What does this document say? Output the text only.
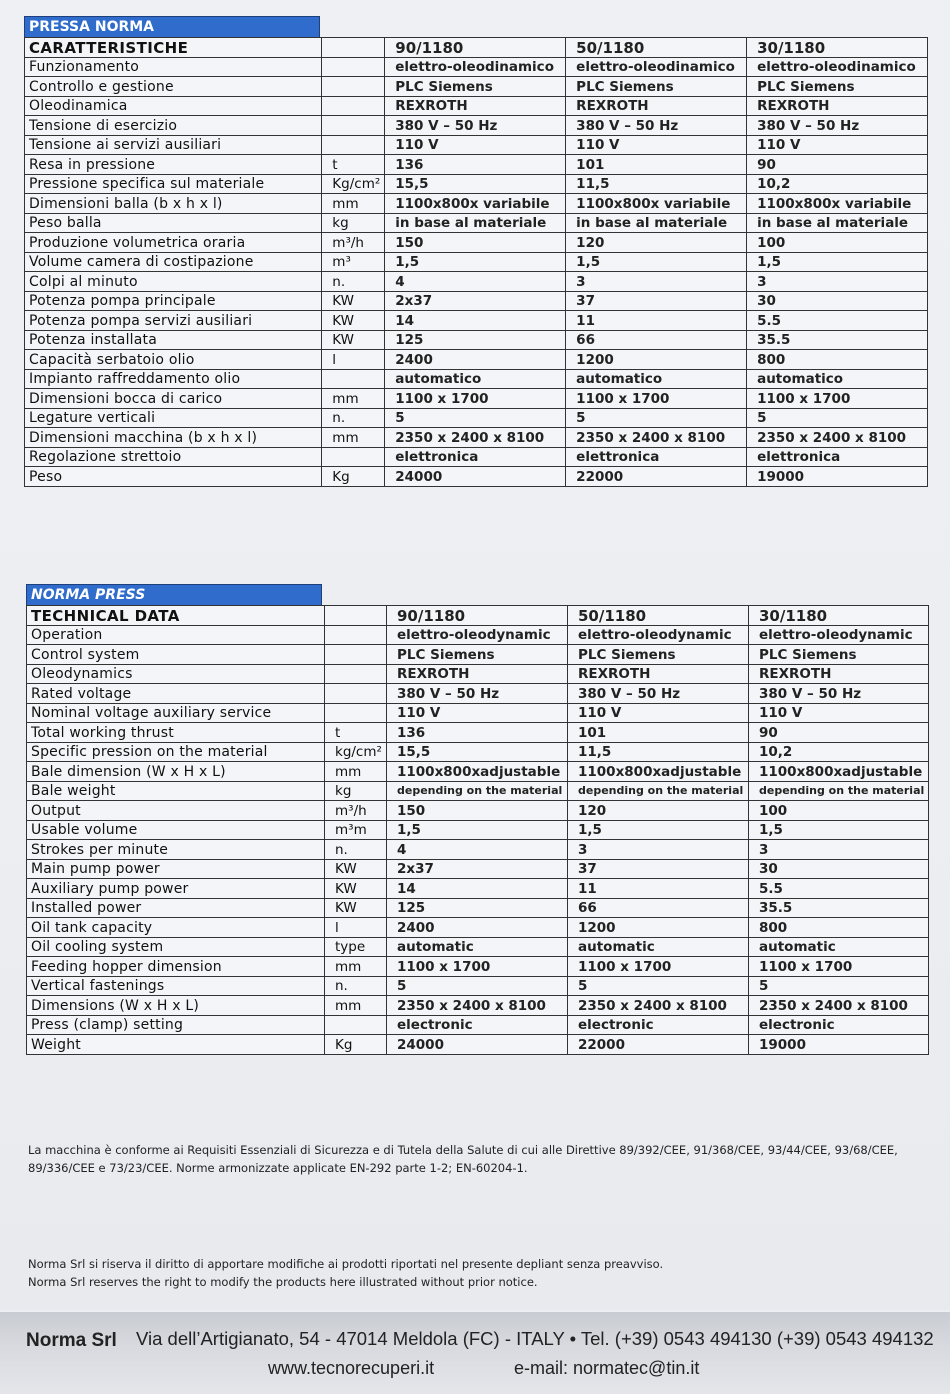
PRESSA NORMA
CARATTERISTICHE		90/1180	50/1180	30/1180
Funzionamento		elettro-oleodinamico	elettro-oleodinamico	elettro-oleodinamico
Controllo e gestione		PLC Siemens	PLC Siemens	PLC Siemens
Oleodinamica		REXROTH	REXROTH	REXROTH
Tensione di esercizio		380 V – 50 Hz	380 V – 50 Hz	380 V – 50 Hz
Tensione ai servizi ausiliari		110 V	110 V	110 V
Resa in pressione	t	136	101	90
Pressione specifica sul materiale	Kg/cm²	15,5	11,5	10,2
Dimensioni balla (b x h x l)	mm	1100x800x variabile	1100x800x variabile	1100x800x variabile
Peso balla	kg	in base al materiale	in base al materiale	in base al materiale
Produzione volumetrica oraria	m³/h	150	120	100
Volume camera di costipazione	m³	1,5	1,5	1,5
Colpi al minuto	n.	4	3	3
Potenza pompa principale	KW	2x37	37	30
Potenza pompa servizi ausiliari	KW	14	11	5.5
Potenza installata	KW	125	66	35.5
Capacità serbatoio olio	l	2400	1200	800
Impianto raffreddamento olio		automatico	automatico	automatico
Dimensioni bocca di carico	mm	1100 x 1700	1100 x 1700	1100 x 1700
Legature verticali	n.	5	5	5
Dimensioni macchina (b x h x l)	mm	2350 x 2400 x 8100	2350 x 2400 x 8100	2350 x 2400 x 8100
Regolazione strettoio		elettronica	elettronica	elettronica
Peso	Kg	24000	22000	19000
NORMA PRESS
TECHNICAL DATA		90/1180	50/1180	30/1180
Operation		elettro-oleodynamic	elettro-oleodynamic	elettro-oleodynamic
Control system		PLC Siemens	PLC Siemens	PLC Siemens
Oleodynamics		REXROTH	REXROTH	REXROTH
Rated voltage		380 V – 50 Hz	380 V – 50 Hz	380 V – 50 Hz
Nominal voltage auxiliary service		110 V	110 V	110 V
Total working thrust	t	136	101	90
Specific pression on the material	kg/cm²	15,5	11,5	10,2
Bale dimension (W x H x L)	mm	1100x800xadjustable	1100x800xadjustable	1100x800xadjustable
Bale weight	kg	depending on the material	depending on the material	depending on the material
Output	m³/h	150	120	100
Usable volume	m³m	1,5	1,5	1,5
Strokes per minute	n.	4	3	3
Main pump power	KW	2x37	37	30
Auxiliary pump power	KW	14	11	5.5
Installed power	KW	125	66	35.5
Oil tank capacity	l	2400	1200	800
Oil cooling system	type	automatic	automatic	automatic
Feeding hopper dimension	mm	1100 x 1700	1100 x 1700	1100 x 1700
Vertical fastenings	n.	5	5	5
Dimensions (W x H x L)	mm	2350 x 2400 x 8100	2350 x 2400 x 8100	2350 x 2400 x 8100
Press (clamp) setting		electronic	electronic	electronic
Weight	Kg	24000	22000	19000
La macchina è conforme ai Requisiti Essenziali di Sicurezza e di Tutela della Salute di cui alle Direttive 89/392/CEE, 91/368/CEE, 93/44/CEE, 93/68/CEE,
89/336/CEE e 73/23/CEE. Norme armonizzate applicate EN-292 parte 1-2; EN-60204-1.
Norma Srl si riserva il diritto di apportare modifiche ai prodotti riportati nel presente depliant senza preavviso.
Norma Srl reserves the right to modify the products here illustrated without prior notice.
Norma Srl Via dell’Artigianato, 54 - 47014 Meldola (FC) - ITALY • Tel. (+39) 0543 494130 (+39) 0543 494132
www.tecnorecuperi.it	e-mail: normatec@tin.it
